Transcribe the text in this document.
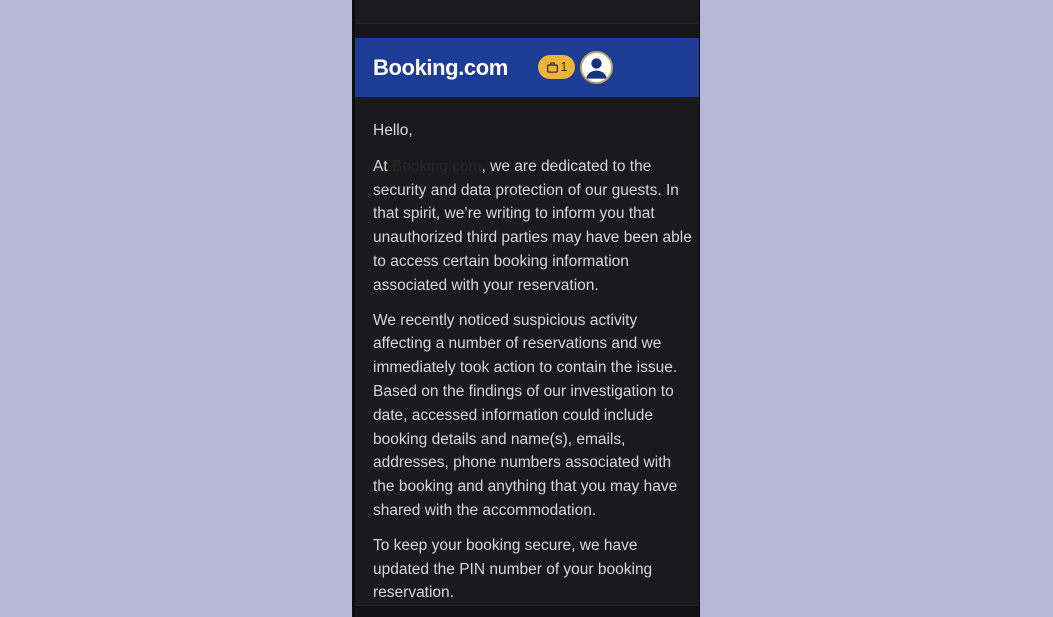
Booking.com	1
Hello,
At Booking.com, we are dedicated to the
security and data protection of our guests. In
that spirit, we’re writing to inform you that
unauthorized third parties may have been able
to access certain booking information
associated with your reservation.
We recently noticed suspicious activity
affecting a number of reservations and we
immediately took action to contain the issue.
Based on the findings of our investigation to
date, accessed information could include
booking details and name(s), emails,
addresses, phone numbers associated with
the booking and anything that you may have
shared with the accommodation.
To keep your booking secure, we have
updated the PIN number of your booking
reservation.
